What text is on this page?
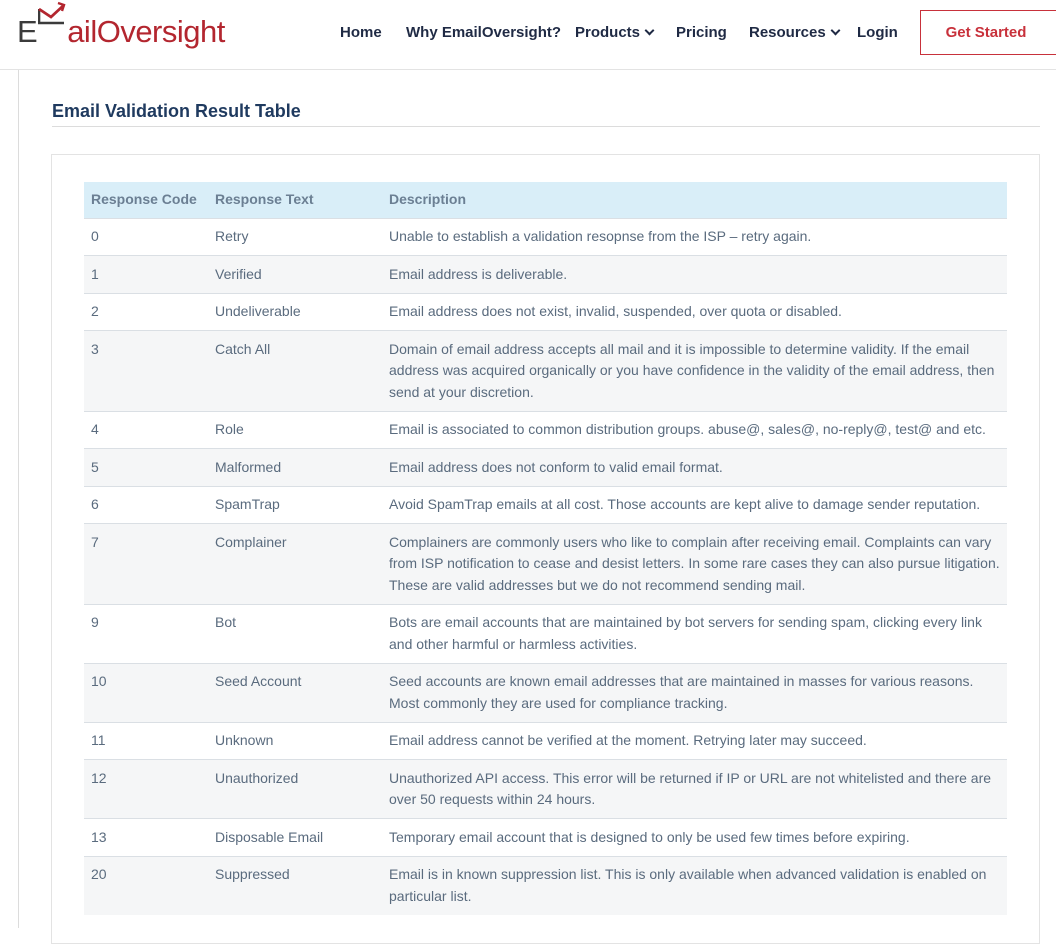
E ail Oversight	Home Why EmailOversight? Products	Pricing Resources	Login	Get Started
Email Validation Result Table
Response Code	Response Text	Description
0	Retry	Unable to establish a validation resopnse from the ISP – retry again.
1	Verified	Email address is deliverable.
2	Undeliverable	Email address does not exist, invalid, suspended, over quota or disabled.
3	Catch All	Domain of email address accepts all mail and it is impossible to determine validity. If the email address was acquired organically or you have confidence in the validity of the email address, then send at your discretion.
4	Role	Email is associated to common distribution groups. abuse@, sales@, no-reply@, test@ and etc.
5	Malformed	Email address does not conform to valid email format.
6	SpamTrap	Avoid SpamTrap emails at all cost. Those accounts are kept alive to damage sender reputation.
7	Complainer	Complainers are commonly users who like to complain after receiving email. Complaints can vary from ISP notification to cease and desist letters. In some rare cases they can also pursue litigation. These are valid addresses but we do not recommend sending mail.
9	Bot	Bots are email accounts that are maintained by bot servers for sending spam, clicking every link and other harmful or harmless activities.
10	Seed Account	Seed accounts are known email addresses that are maintained in masses for various reasons. Most commonly they are used for compliance tracking.
11	Unknown	Email address cannot be verified at the moment. Retrying later may succeed.
12	Unauthorized	Unauthorized API access. This error will be returned if IP or URL are not whitelisted and there are over 50 requests within 24 hours.
13	Disposable Email	Temporary email account that is designed to only be used few times before expiring.
20	Suppressed	Email is in known suppression list. This is only available when advanced validation is enabled on particular list.
